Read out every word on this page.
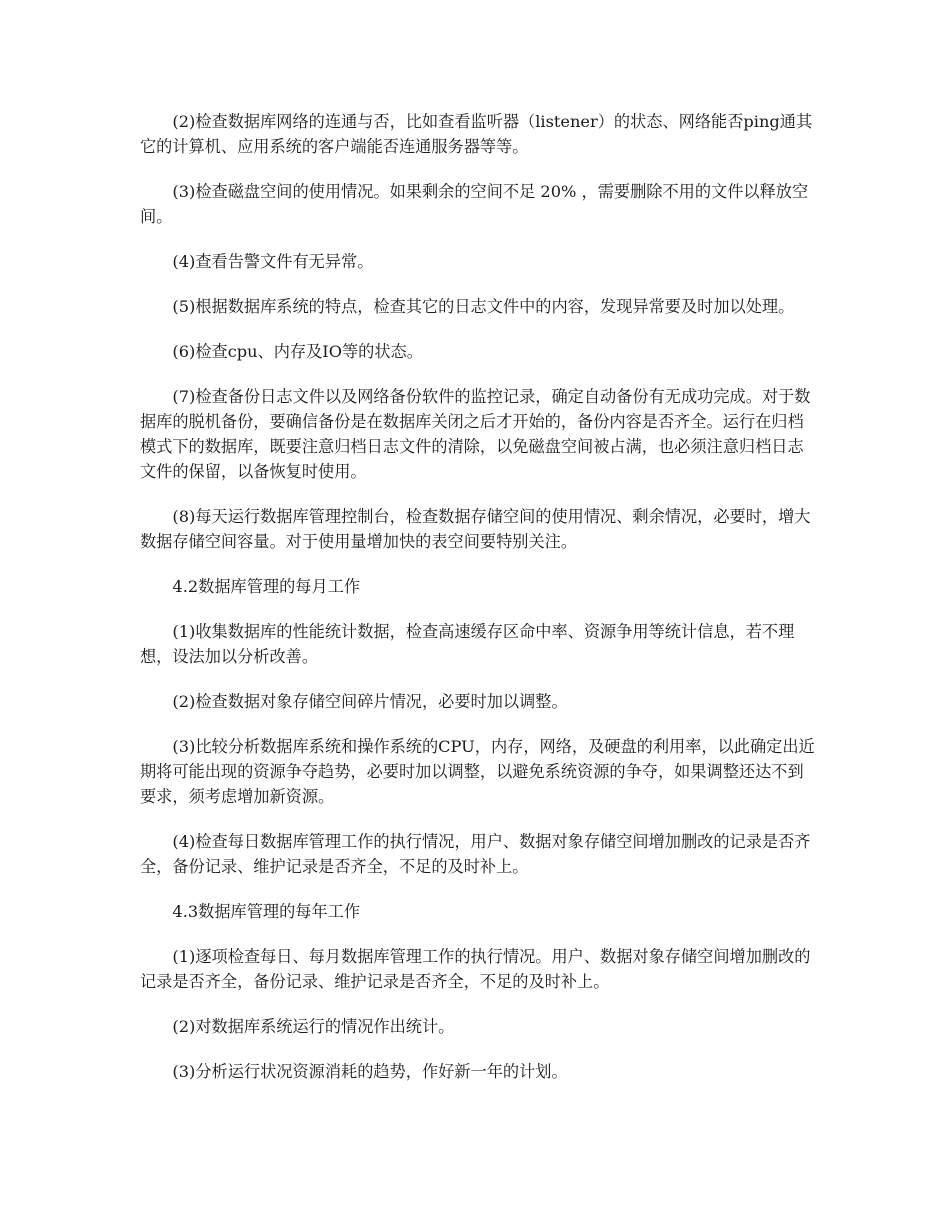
(2)检查数据库网络的连通与否，比如查看监听器（listener）的状态、网络能否ping通其它的计算机、应用系统的客户端能否连通服务器等等。

(3)检查磁盘空间的使用情况。如果剩余的空间不足 20% ，需要删除不用的文件以释放空间。

(4)查看告警文件有无异常。

(5)根据数据库系统的特点，检查其它的日志文件中的内容，发现异常要及时加以处理。

(6)检查cpu、内存及IO等的状态。

(7)检查备份日志文件以及网络备份软件的监控记录，确定自动备份有无成功完成。对于数据库的脱机备份，要确信备份是在数据库关闭之后才开始的，备份内容是否齐全。运行在归档模式下的数据库，既要注意归档日志文件的清除，以免磁盘空间被占满，也必须注意归档日志文件的保留，以备恢复时使用。

(8)每天运行数据库管理控制台，检查数据存储空间的使用情况、剩余情况，必要时，增大数据存储空间容量。对于使用量增加快的表空间要特别关注。

4.2数据库管理的每月工作

(1)收集数据库的性能统计数据，检查高速缓存区命中率、资源争用等统计信息，若不理想，设法加以分析改善。

(2)检查数据对象存储空间碎片情况，必要时加以调整。

(3)比较分析数据库系统和操作系统的CPU，内存，网络，及硬盘的利用率，以此确定出近期将可能出现的资源争夺趋势，必要时加以调整，以避免系统资源的争夺，如果调整还达不到要求，须考虑增加新资源。

(4)检查每日数据库管理工作的执行情况，用户、数据对象存储空间增加删改的记录是否齐全，备份记录、维护记录是否齐全，不足的及时补上。

4.3数据库管理的每年工作

(1)逐项检查每日、每月数据库管理工作的执行情况。用户、数据对象存储空间增加删改的记录是否齐全，备份记录、维护记录是否齐全，不足的及时补上。

(2)对数据库系统运行的情况作出统计。

(3)分析运行状况资源消耗的趋势，作好新一年的计划。
